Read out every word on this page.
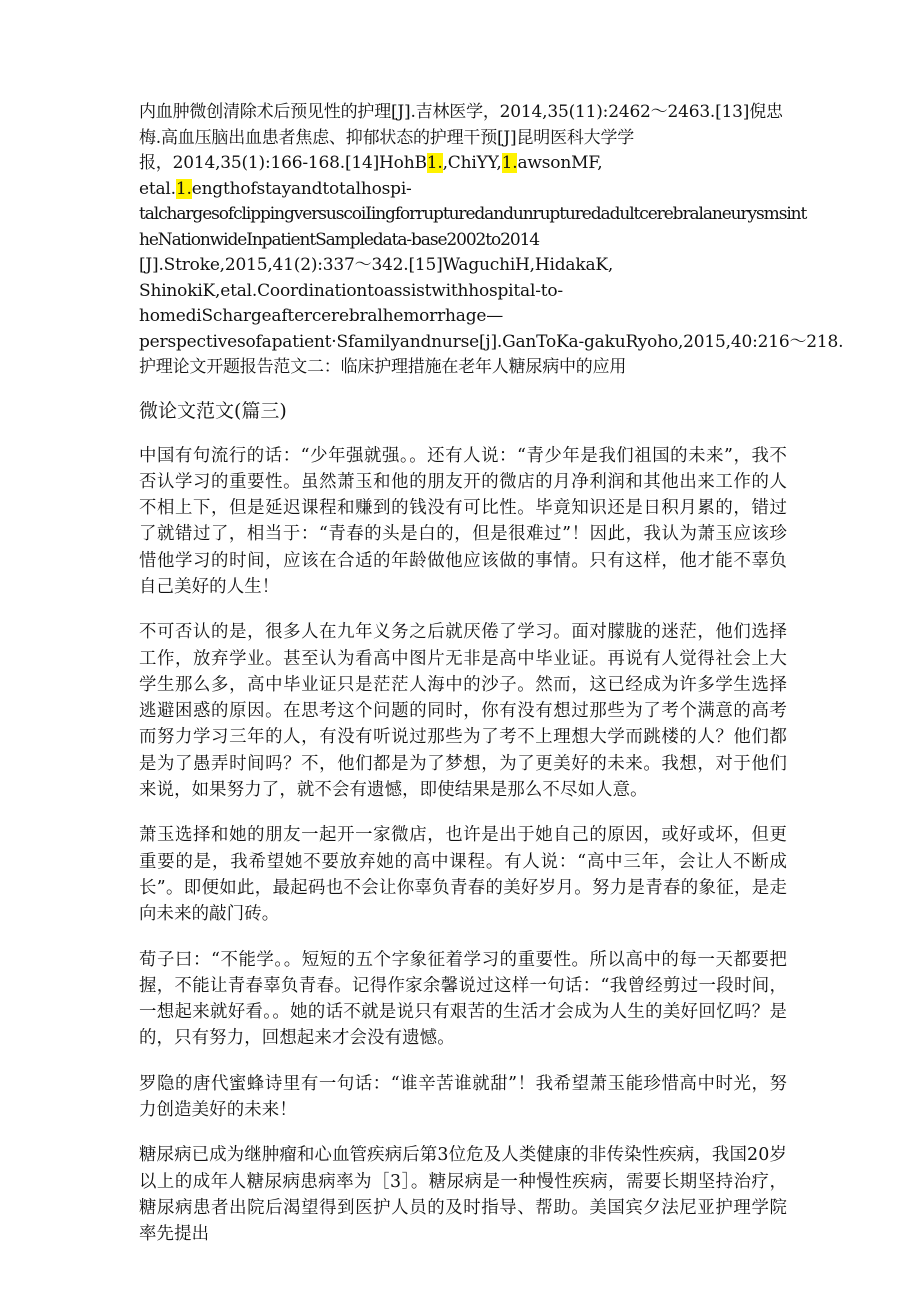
内血肿微创清除术后预见性的护理[J].吉林医学，2014,35(11):2462～2463.[13]倪忠
梅.高血压脑出血患者焦虑、抑郁状态的护理干预[J]昆明医科大学学
报，2014,35(1):166-168.[14]HohB1.,ChiYY,1.awsonMF,
etal.1.engthofstayandtotalhospi-
talchargesofclippingversuscoiIingforrupturedandunrupturedadultcerebralaneurysmsint
heNationwideInpatientSampledata-base2002to2014
[J].Stroke,2015,41(2):337～342.[15]WaguchiH,HidakaK,
ShinokiK,etal.Coordinationtoassistwithhospital-to-
homediSchargeaftercerebralhemorrhage—
perspectivesofapatient·Sfamilyandnurse[j].GanToKa-gakuRyoho,2015,40:216～218.
护理论文开题报告范文二：临床护理措施在老年人糖尿病中的应用
微论文范文(篇三)

中国有句流行的话：“少年强就强。。还有人说：“青少年是我们祖国的未来”，我不否认学习的重要性。虽然萧玉和他的朋友开的微店的月净利润和其他出来工作的人不相上下，但是延迟课程和赚到的钱没有可比性。毕竟知识还是日积月累的，错过了就错过了，相当于：“青春的头是白的，但是很难过”！因此，我认为萧玉应该珍惜他学习的时间，应该在合适的年龄做他应该做的事情。只有这样，他才能不辜负自己美好的人生！

不可否认的是，很多人在九年义务之后就厌倦了学习。面对朦胧的迷茫，他们选择工作，放弃学业。甚至认为看高中图片无非是高中毕业证。再说有人觉得社会上大学生那么多，高中毕业证只是茫茫人海中的沙子。然而，这已经成为许多学生选择逃避困惑的原因。在思考这个问题的同时，你有没有想过那些为了考个满意的高考而努力学习三年的人，有没有听说过那些为了考不上理想大学而跳楼的人？他们都是为了愚弄时间吗？不，他们都是为了梦想，为了更美好的未来。我想，对于他们来说，如果努力了，就不会有遗憾，即使结果是那么不尽如人意。

萧玉选择和她的朋友一起开一家微店，也许是出于她自己的原因，或好或坏，但更重要的是，我希望她不要放弃她的高中课程。有人说：“高中三年，会让人不断成长”。即便如此，最起码也不会让你辜负青春的美好岁月。努力是青春的象征，是走向未来的敲门砖。

荀子曰：“不能学。。短短的五个字象征着学习的重要性。所以高中的每一天都要把握，不能让青春辜负青春。记得作家余馨说过这样一句话：“我曾经剪过一段时间，一想起来就好看。。她的话不就是说只有艰苦的生活才会成为人生的美好回忆吗？是的，只有努力，回想起来才会没有遗憾。

罗隐的唐代蜜蜂诗里有一句话：“谁辛苦谁就甜”！我希望萧玉能珍惜高中时光，努力创造美好的未来！

糖尿病已成为继肿瘤和心血管疾病后第3位危及人类健康的非传染性疾病，我国20岁以上的成年人糖尿病患病率为［3］。糖尿病是一种慢性疾病，需要长期坚持治疗，糖尿病患者出院后渴望得到医护人员的及时指导、帮助。美国宾夕法尼亚护理学院率先提出
